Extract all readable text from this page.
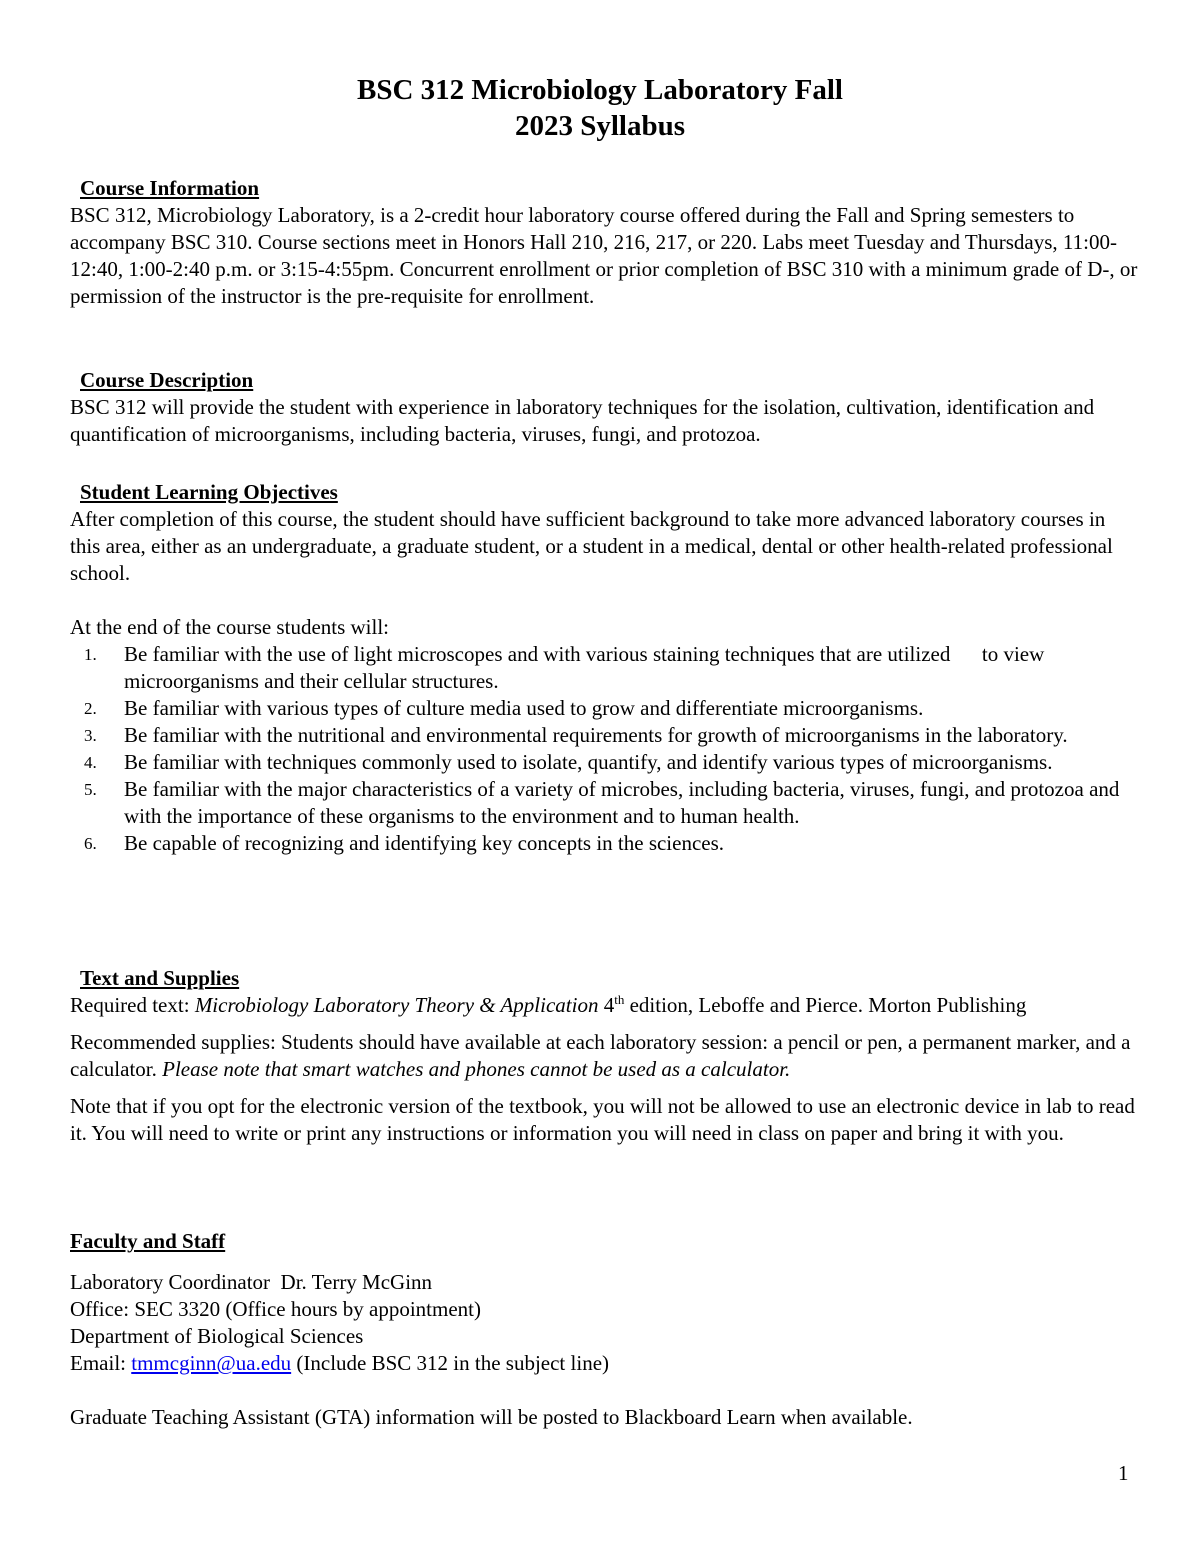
BSC 312 Microbiology Laboratory Fall
2023 Syllabus
Course Information

BSC 312, Microbiology Laboratory, is a 2-credit hour laboratory course offered during the Fall and Spring semesters to accompany BSC 310. Course sections meet in Honors Hall 210, 216, 217, or 220. Labs meet Tuesday and Thursdays, 11:00-12:40, 1:00-2:40 p.m. or 3:15-4:55pm. Concurrent enrollment or prior completion of BSC 310 with a minimum grade of D-, or permission of the instructor is the pre-requisite for enrollment.

Course Description

BSC 312 will provide the student with experience in laboratory techniques for the isolation, cultivation, identification and quantification of microorganisms, including bacteria, viruses, fungi, and protozoa.

Student Learning Objectives

After completion of this course, the student should have sufficient background to take more advanced laboratory courses in this area, either as an undergraduate, a graduate student, or a student in a medical, dental or other health-related professional school.

At the end of the course students will:

1. Be familiar with the use of light microscopes and with various staining techniques that are utilized      to view microorganisms and their cellular structures.
2. Be familiar with various types of culture media used to grow and differentiate microorganisms.
3. Be familiar with the nutritional and environmental requirements for growth of microorganisms in the laboratory.
4. Be familiar with techniques commonly used to isolate, quantify, and identify various types of microorganisms.
5. Be familiar with the major characteristics of a variety of microbes, including bacteria, viruses, fungi, and protozoa and with the importance of these organisms to the environment and to human health.
6. Be capable of recognizing and identifying key concepts in the sciences.
Text and Supplies

Required text: Microbiology Laboratory Theory & Application 4th edition, Leboffe and Pierce. Morton Publishing

Recommended supplies: Students should have available at each laboratory session: a pencil or pen, a permanent marker, and a calculator. Please note that smart watches and phones cannot be used as a calculator.

Note that if you opt for the electronic version of the textbook, you will not be allowed to use an electronic device in lab to read it. You will need to write or print any instructions or information you will need in class on paper and bring it with you.

Faculty and Staff
Laboratory Coordinator  Dr. Terry McGinn
Office: SEC 3320 (Office hours by appointment)
Department of Biological Sciences
Email: tmmcginn@ua.edu (Include BSC 312 in the subject line)
Graduate Teaching Assistant (GTA) information will be posted to Blackboard Learn when available.
1
